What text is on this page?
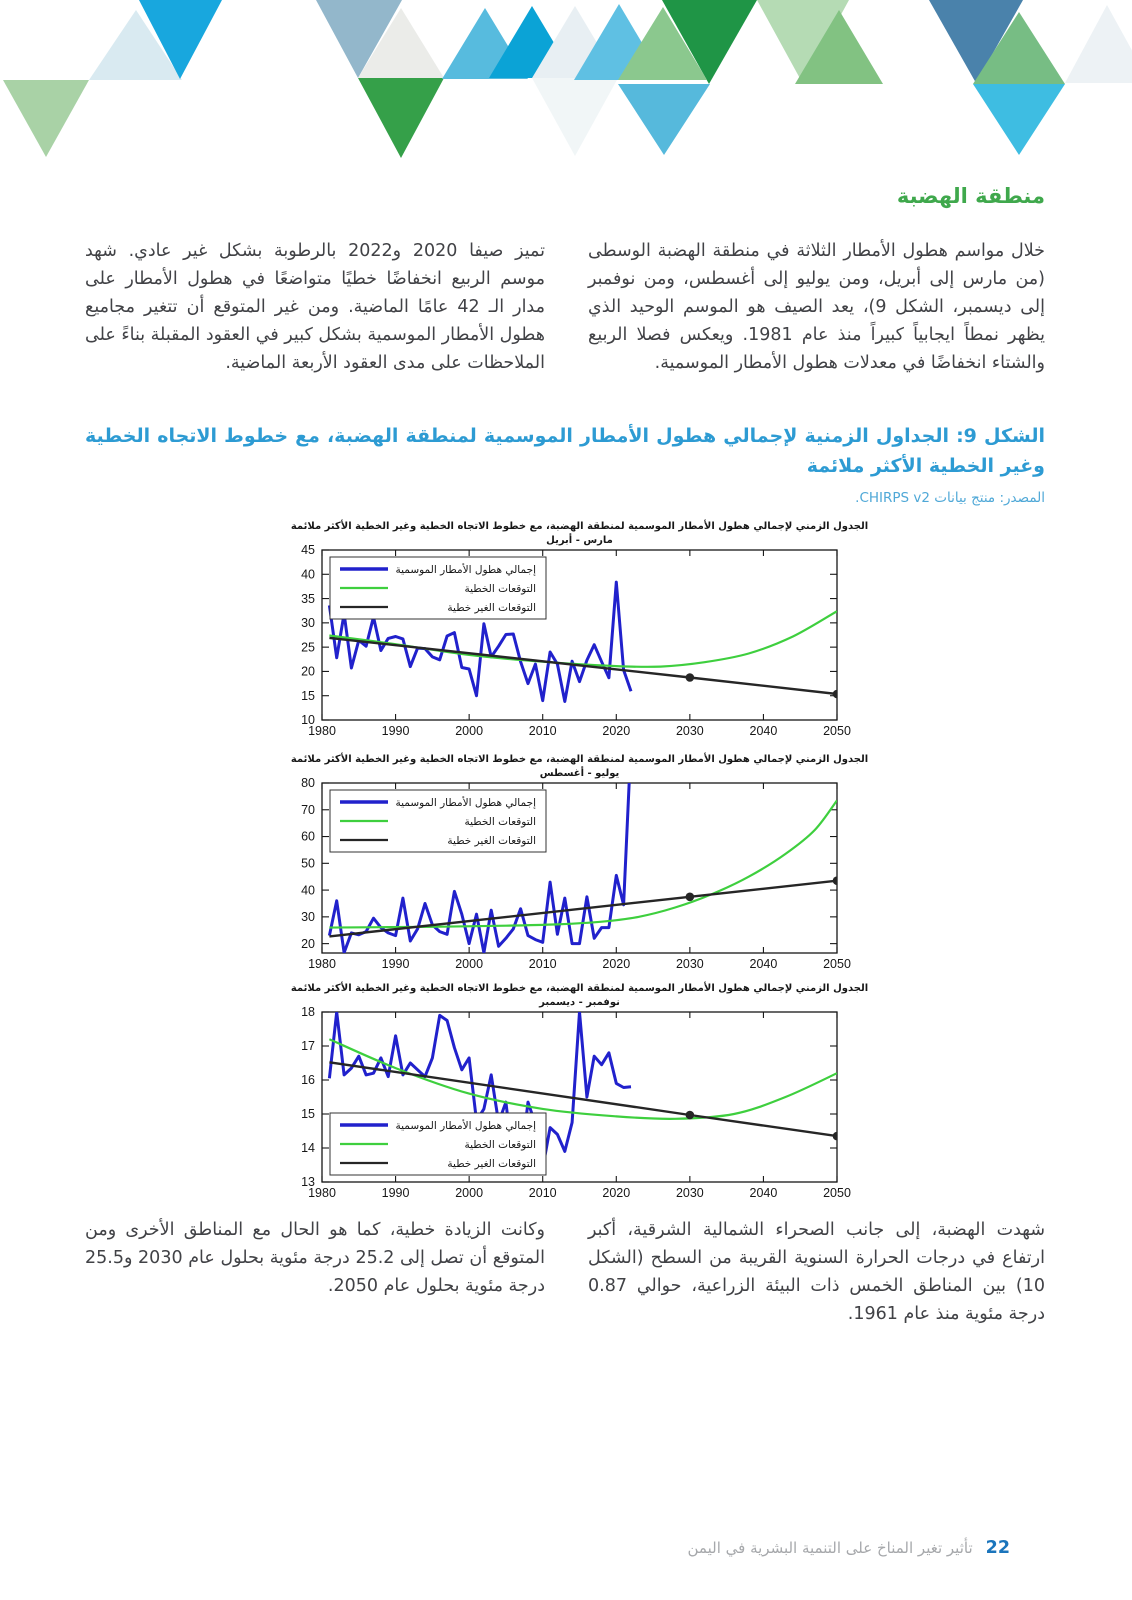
منطقة الهضبة

خلال مواسم هطول الأمطار الثلاثة في منطقة الهضبة الوسطى (من مارس إلى أبريل، ومن يوليو إلى أغسطس، ومن نوفمبر إلى ديسمبر، الشكل 9)، يعد الصيف هو الموسم الوحيد الذي يظهر نمطاً ايجابياً كبيراً منذ عام 1981. ويعكس فصلا الربيع والشتاء انخفاضًا في معدلات هطول الأمطار الموسمية.

تميز صيفا 2020 و2022 بالرطوبة بشكل غير عادي. شهد موسم الربيع انخفاضًا خطيًا متواضعًا في هطول الأمطار على مدار الـ 42 عامًا الماضية. ومن غير المتوقع أن تتغير مجاميع هطول الأمطار الموسمية بشكل كبير في العقود المقبلة بناءً على الملاحظات على مدى العقود الأربعة الماضية.

الشكل 9: الجداول الزمنية لإجمالي هطول الأمطار الموسمية لمنطقة الهضبة، مع خطوط الاتجاه الخطية وغير الخطية الأكثر ملائمة

المصدر: منتج بيانات CHIRPS v2.

الجدول الزمني لإجمالي هطول الأمطار الموسمية لمنطقة الهضبة، مع خطوط الاتجاه الخطية وغير الخطية الأكثر ملائمة
مارس - أبريل
1980	1990	2000	2010	2020	2030	2040	2050
10
15
20
25
30
35
40
45
إجمالي هطول الأمطار الموسمية
التوقعات الخطية
التوقعات الغير خطية
الجدول الزمني لإجمالي هطول الأمطار الموسمية لمنطقة الهضبة، مع خطوط الاتجاه الخطية وغير الخطية الأكثر ملائمة
يوليو - أغسطس
1980	1990	2000	2010	2020	2030	2040	2050
20
30
40
50
60
70
80
إجمالي هطول الأمطار الموسمية
التوقعات الخطية
التوقعات الغير خطية
الجدول الزمني لإجمالي هطول الأمطار الموسمية لمنطقة الهضبة، مع خطوط الاتجاه الخطية وغير الخطية الأكثر ملائمة
نوفمبر - ديسمبر
1980	1990	2000	2010	2020	2030	2040	2050
13
14
15
16
17
18
إجمالي هطول الأمطار الموسمية
التوقعات الخطية
التوقعات الغير خطية

شهدت الهضبة، إلى جانب الصحراء الشمالية الشرقية، أكبر ارتفاع في درجات الحرارة السنوية القريبة من السطح (الشكل 10) بين المناطق الخمس ذات البيئة الزراعية، حوالي 0.87 درجة مئوية منذ عام 1961.

وكانت الزيادة خطية، كما هو الحال مع المناطق الأخرى ومن المتوقع أن تصل إلى 25.2 درجة مئوية بحلول عام 2030 و25.5 درجة مئوية بحلول عام 2050.

22
تأثير تغير المناخ على التنمية البشرية في اليمن
